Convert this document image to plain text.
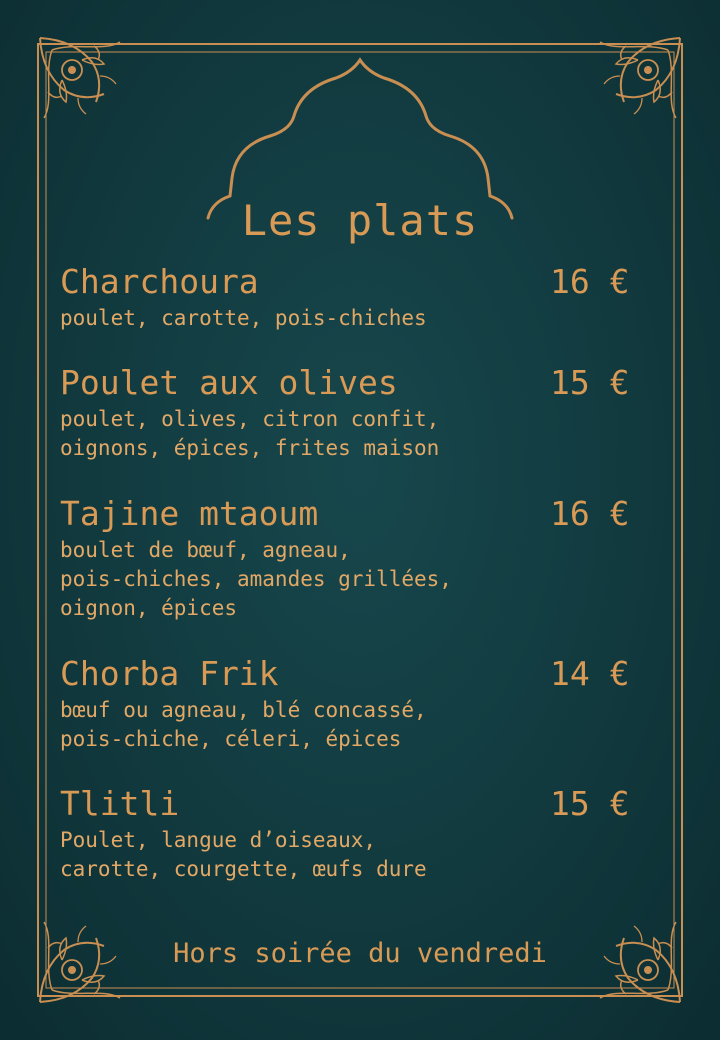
Les plats
Charchoura	16 €
poulet, carotte, pois-chiches
Poulet aux olives	15 €
poulet, olives, citron confit,
oignons, épices, frites maison
Tajine mtaoum	16 €
boulet de bœuf, agneau,
pois-chiches, amandes grillées,
oignon, épices
Chorba Frik	14 €
bœuf ou agneau, blé concassé,
pois-chiche, céleri, épices
Tlitli	15 €
Poulet, langue d’oiseaux,
carotte, courgette, œufs dure
Hors soirée du vendredi
